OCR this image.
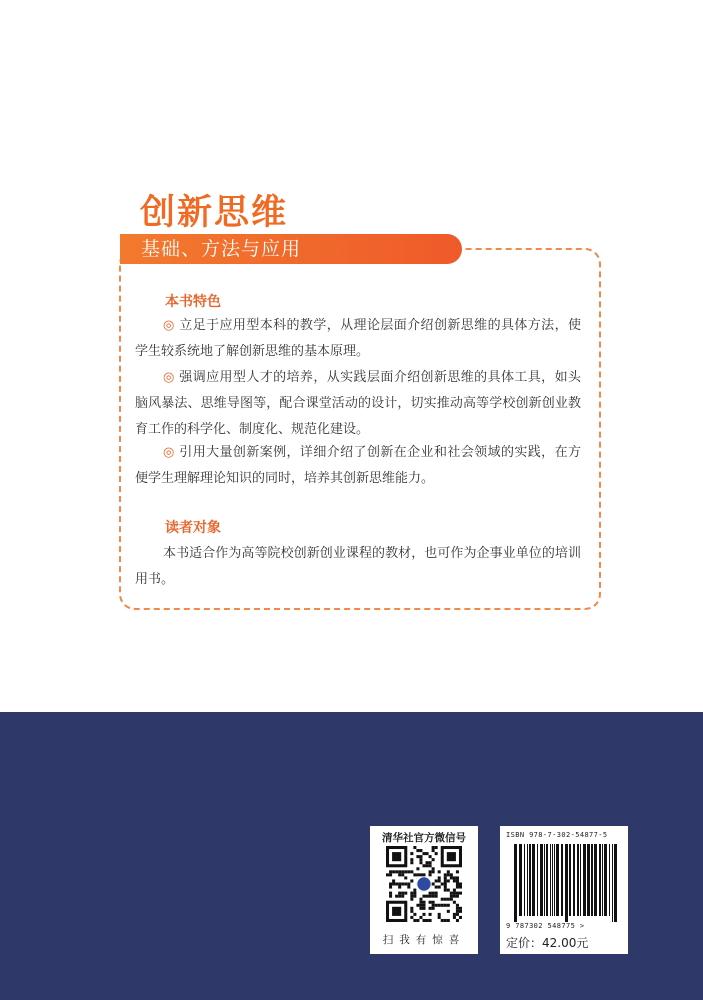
创新思维
基础、方法与应用
本书特色
◎ 立足于应用型本科的教学，从理论层面介绍创新思维的具体方法，使学生较系统地了解创新思维的基本原理。
◎ 强调应用型人才的培养，从实践层面介绍创新思维的具体工具，如头脑风暴法、思维导图等，配合课堂活动的设计，切实推动高等学校创新创业教育工作的科学化、制度化、规范化建设。
◎ 引用大量创新案例，详细介绍了创新在企业和社会领域的实践，在方便学生理解理论知识的同时，培养其创新思维能力。
读者对象
本书适合作为高等院校创新创业课程的教材，也可作为企事业单位的培训用书。
清华社官方微信号
扫我有惊喜
ISBN 978-7-302-54877-5
9 787302 548775 >
定价：42.00元
